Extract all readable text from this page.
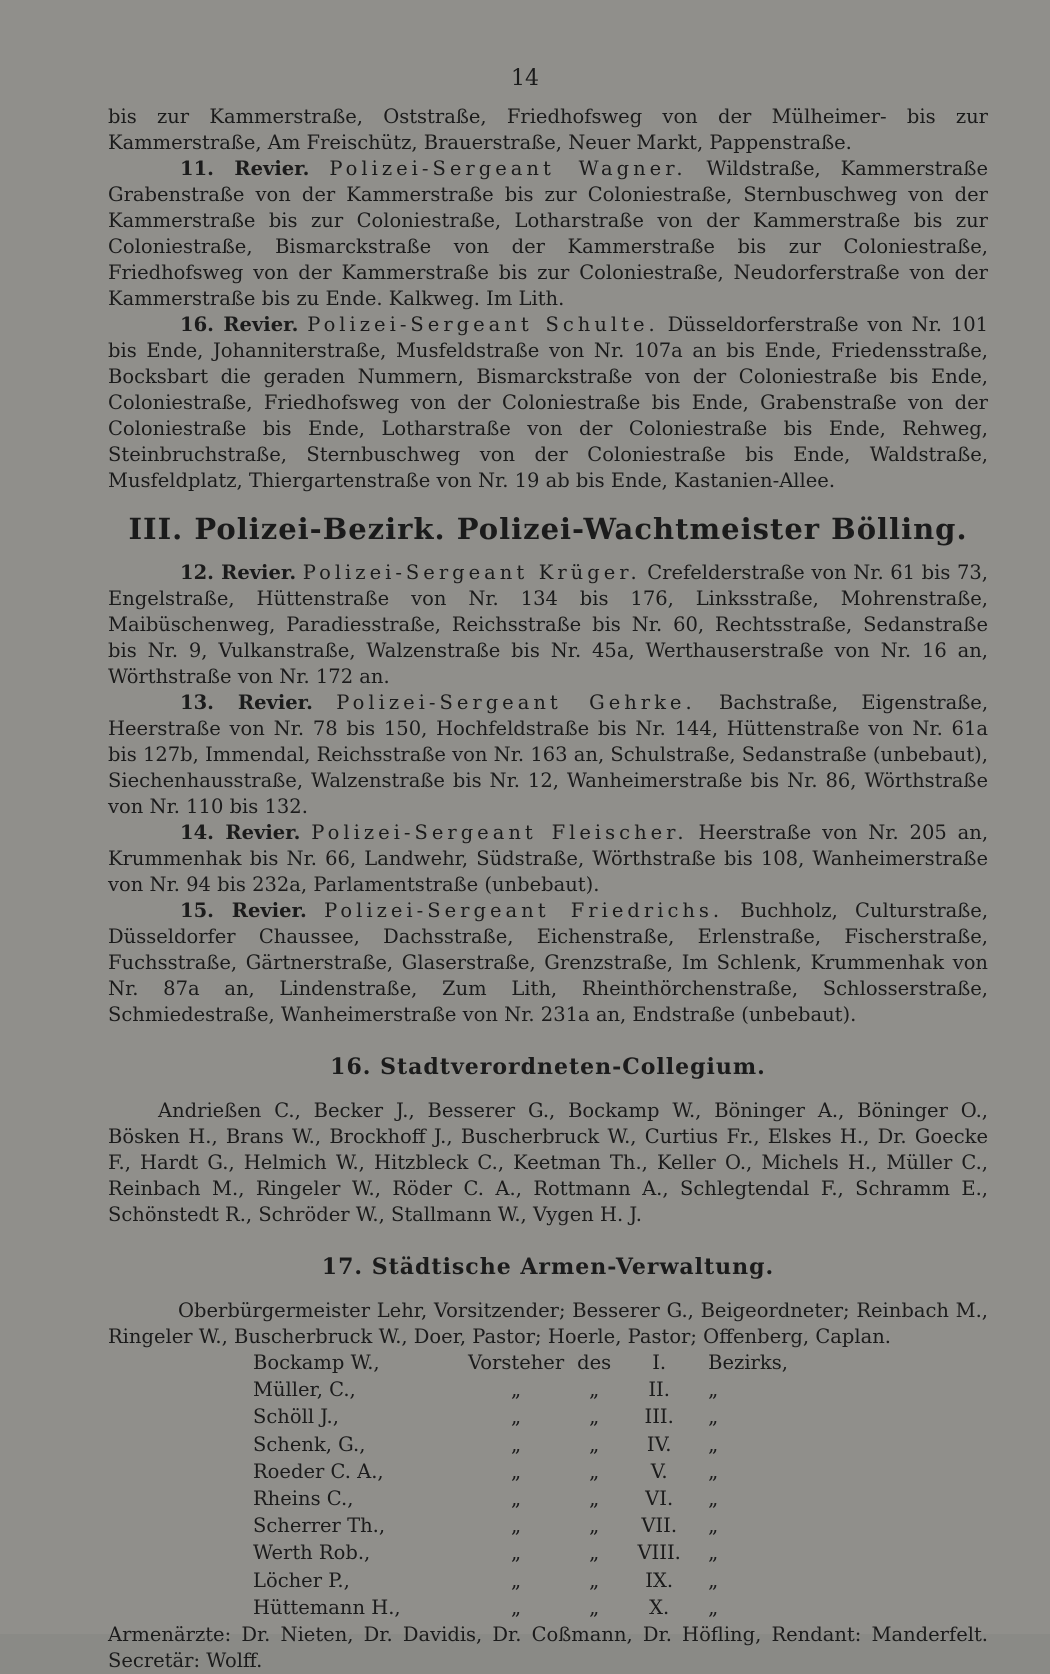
14

bis zur Kammerstraße, Oststraße, Friedhofsweg von der Mülheimer- bis zur Kammerstraße, Am Freischütz, Brauerstraße, Neuer Markt, Pappenstraße.

11. Revier. Polizei-Sergeant Wagner. Wildstraße, Kammerstraße Grabenstraße von der Kammerstraße bis zur Coloniestraße, Sternbuschweg von der Kammerstraße bis zur Coloniestraße, Lotharstraße von der Kammerstraße bis zur Coloniestraße, Bismarckstraße von der Kammerstraße bis zur Coloniestraße, Friedhofsweg von der Kammerstraße bis zur Coloniestraße, Neudorferstraße von der Kammerstraße bis zu Ende. Kalkweg. Im Lith.

16. Revier. Polizei-Sergeant Schulte. Düsseldorferstraße von Nr. 101 bis Ende, Johanniterstraße, Musfeldstraße von Nr. 107a an bis Ende, Friedensstraße, Bocksbart die geraden Nummern, Bismarckstraße von der Coloniestraße bis Ende, Coloniestraße, Friedhofsweg von der Coloniestraße bis Ende, Grabenstraße von der Coloniestraße bis Ende, Lotharstraße von der Coloniestraße bis Ende, Rehweg, Steinbruchstraße, Sternbuschweg von der Coloniestraße bis Ende, Waldstraße, Musfeldplatz, Thiergartenstraße von Nr. 19 ab bis Ende, Kastanien-Allee.

III. Polizei-Bezirk. Polizei-Wachtmeister Bölling.

12. Revier. Polizei-Sergeant Krüger. Crefelderstraße von Nr. 61 bis 73, Engelstraße, Hüttenstraße von Nr. 134 bis 176, Linksstraße, Mohrenstraße, Maibüschenweg, Paradiesstraße, Reichsstraße bis Nr. 60, Rechtsstraße, Sedanstraße bis Nr. 9, Vulkanstraße, Walzenstraße bis Nr. 45a, Werthauserstraße von Nr. 16 an, Wörthstraße von Nr. 172 an.

13. Revier. Polizei-Sergeant Gehrke. Bachstraße, Eigenstraße, Heerstraße von Nr. 78 bis 150, Hochfeldstraße bis Nr. 144, Hüttenstraße von Nr. 61a bis 127b, Immendal, Reichsstraße von Nr. 163 an, Schulstraße, Sedanstraße (unbebaut), Siechenhausstraße, Walzenstraße bis Nr. 12, Wanheimerstraße bis Nr. 86, Wörthstraße von Nr. 110 bis 132.

14. Revier. Polizei-Sergeant Fleischer. Heerstraße von Nr. 205 an, Krummenhak bis Nr. 66, Landwehr, Südstraße, Wörthstraße bis 108, Wanheimerstraße von Nr. 94 bis 232a, Parlamentstraße (unbebaut).

15. Revier. Polizei-Sergeant Friedrichs. Buchholz, Culturstraße, Düsseldorfer Chaussee, Dachsstraße, Eichenstraße, Erlenstraße, Fischerstraße, Fuchsstraße, Gärtnerstraße, Glaserstraße, Grenzstraße, Im Schlenk, Krummenhak von Nr. 87a an, Lindenstraße, Zum Lith, Rheinthörchenstraße, Schlosserstraße, Schmiedestraße, Wanheimerstraße von Nr. 231a an, Endstraße (unbebaut).

16. Stadtverordneten-Collegium.

Andrießen C., Becker J., Besserer G., Bockamp W., Böninger A., Böninger O., Bösken H., Brans W., Brockhoff J., Buscherbruck W., Curtius Fr., Elskes H., Dr. Goecke F., Hardt G., Helmich W., Hitzbleck C., Keetman Th., Keller O., Michels H., Müller C., Reinbach M., Ringeler W., Röder C. A., Rottmann A., Schlegtendal F., Schramm E., Schönstedt R., Schröder W., Stallmann W., Vygen H. J.

17. Städtische Armen-Verwaltung.

Oberbürgermeister Lehr, Vorsitzender; Besserer G., Beigeordneter; Reinbach M., Ringeler W., Buscherbruck W., Doer, Pastor; Hoerle, Pastor; Offenberg, Caplan.

Bockamp W.,	Vorsteher	des	I.	Bezirks,
Müller, C.,	„	„	II.	„
Schöll J.,	„	„	III.	„
Schenk, G.,	„	„	IV.	„
Roeder C. A.,	„	„	V.	„
Rheins C.,	„	„	VI.	„
Scherrer Th.,	„	„	VII.	„
Werth Rob.,	„	„	VIII.	„
Löcher P.,	„	„	IX.	„
Hüttemann H.,	„	„	X.	„

Armenärzte: Dr. Nieten, Dr. Davidis, Dr. Coßmann, Dr. Höfling, Rendant: Manderfelt. Secretär: Wolff.
